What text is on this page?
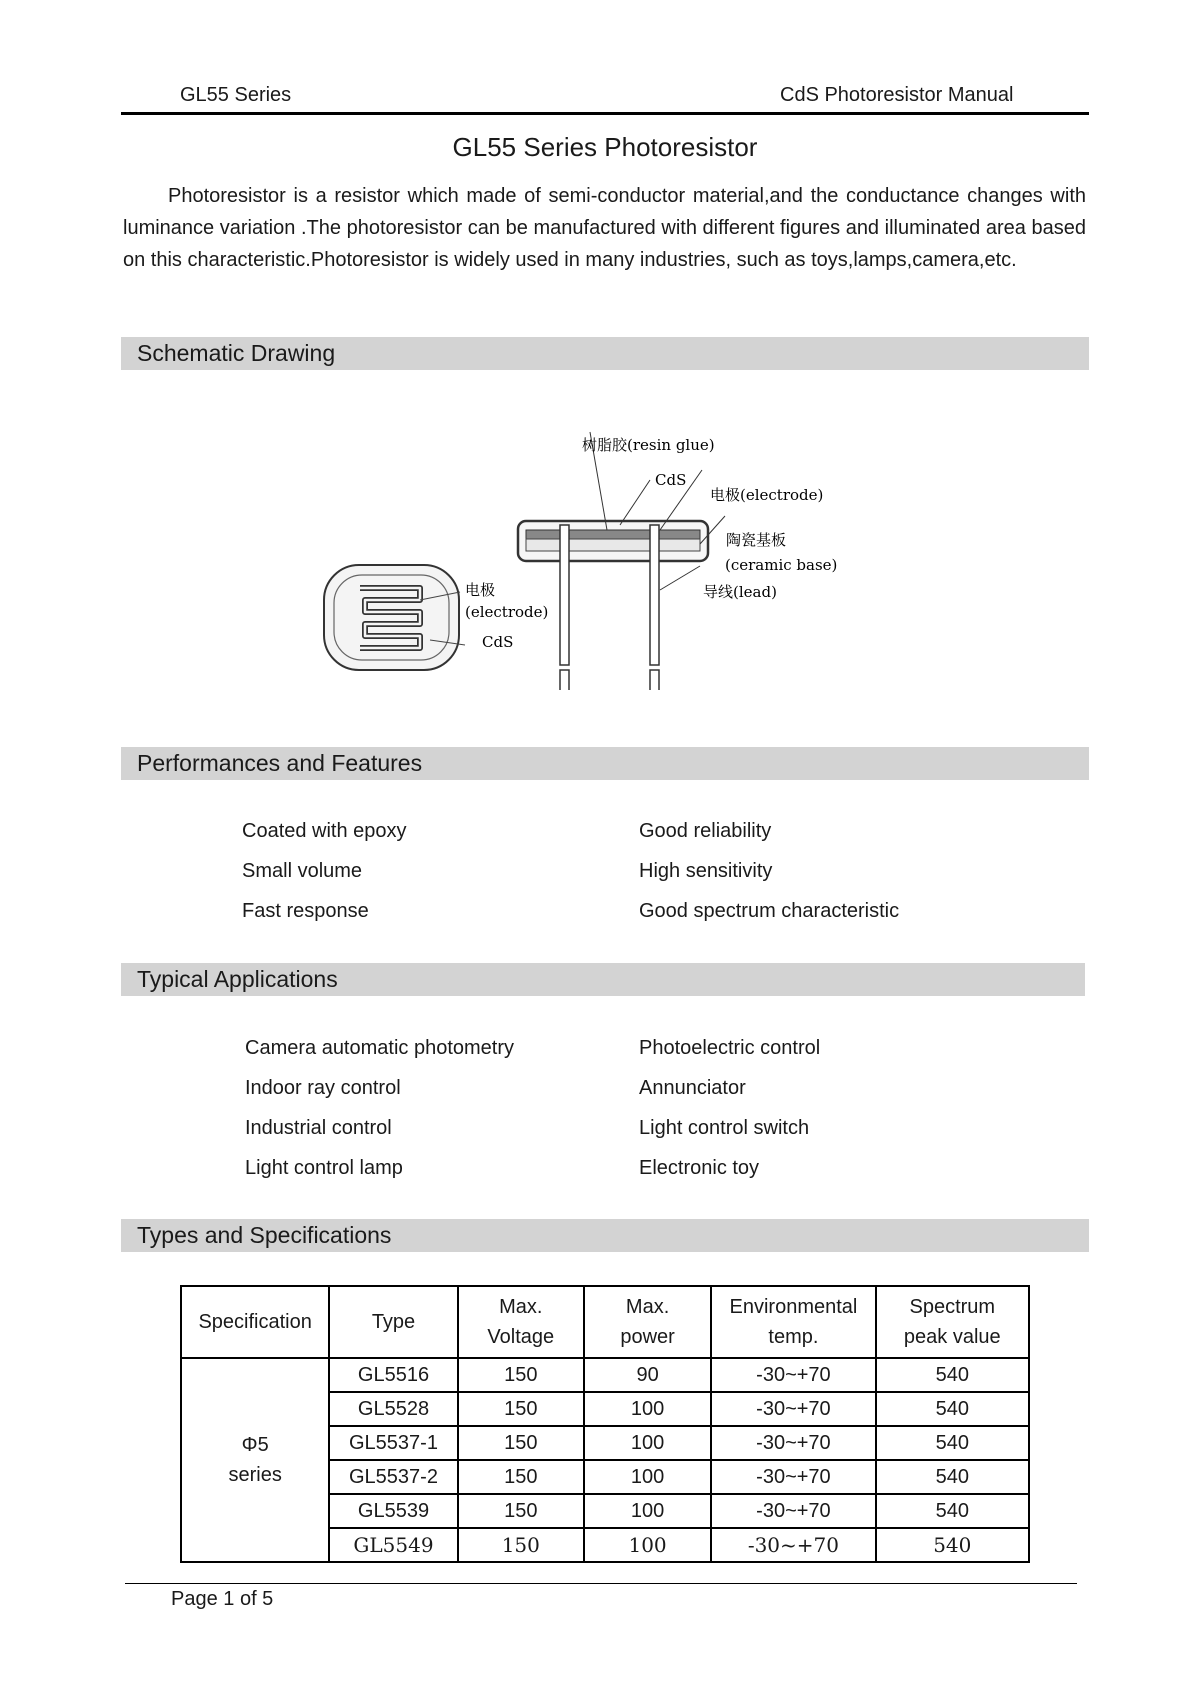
GL55 Series	CdS Photoresistor Manual
GL55 Series Photoresistor
Photoresistor is a resistor which made of semi-conductor material,and the conductance changes with luminance variation .The photoresistor can be manufactured with different figures and illuminated area based on this characteristic.Photoresistor is widely used in many industries, such as toys,lamps,camera,etc.
Schematic Drawing
电极
(electrode)
CdS
树脂胶(resin glue)
CdS
电极(electrode)
陶瓷基板
(ceramic base)
导线(lead)
Performances and Features
Coated with epoxy
Small volume
Fast response
Good reliability
High sensitivity
Good spectrum characteristic
Typical Applications
Camera automatic photometry
Indoor ray control
Industrial control
Light control lamp
Photoelectric control
Annunciator
Light control switch
Electronic toy
Types and Specifications
Specification	Type	Max. Voltage	Max. power	Environmental temp.	Spectrum peak value

Φ5
series	GL5516	150	90	-30~+70	540
	GL5528	150	100	-30~+70	540
	GL5537-1	150	100	-30~+70	540
	GL5537-2	150	100	-30~+70	540
	GL5539	150	100	-30~+70	540
	GL5549	150	100	-30~+70	540
Page 1 of 5
